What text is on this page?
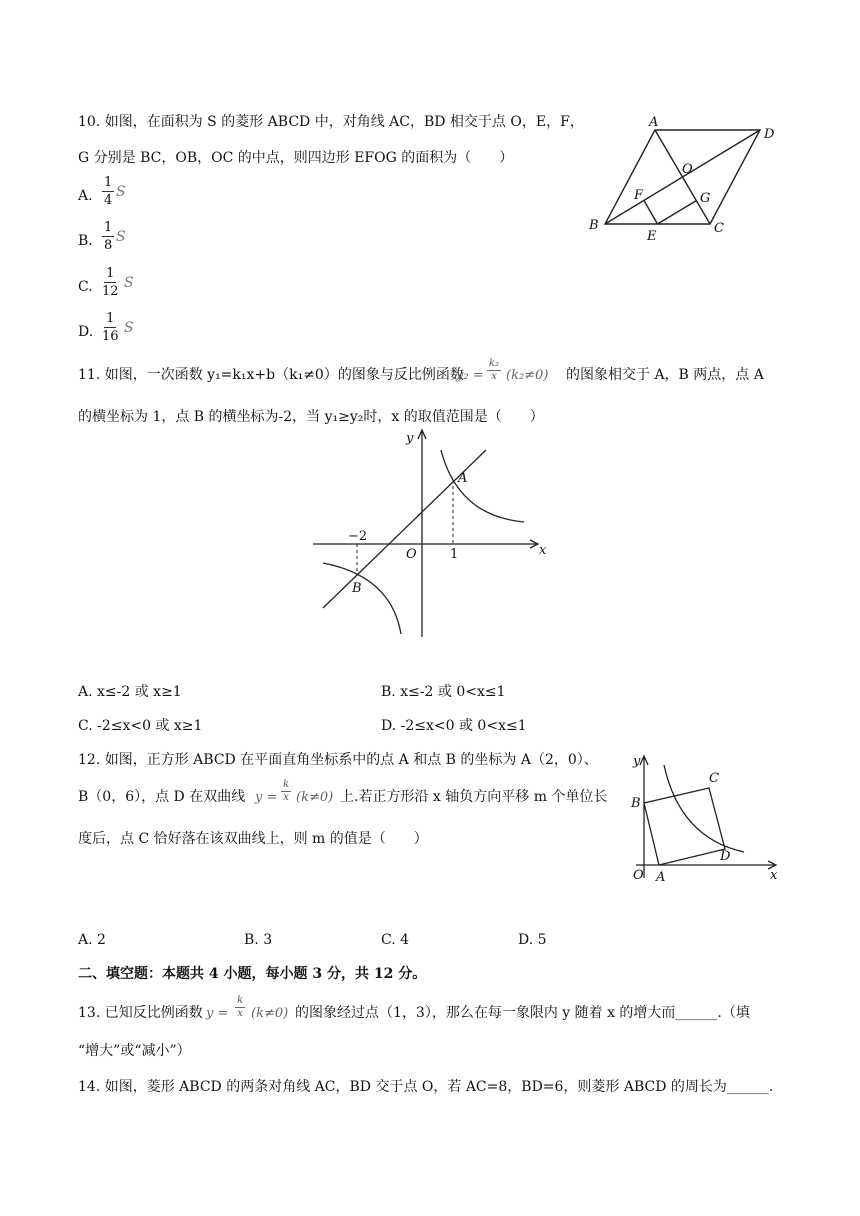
10. 如图，在面积为 S 的菱形 ABCD 中，对角线 AC，BD 相交于点 O，E，F，
G 分别是 BC，OB，OC 的中点，则四边形 EFOG 的面积为（　　）
A. $\frac{1}{4}$ S
B. $\frac{1}{8}$ S
C. $\frac{1}{12}$ S
D. $\frac{1}{16}$ S
A
D
O
F	G
B
E
C
11. 如图，一次函数 y₁=k₁x+b（k₁≠0）的图象与反比例函数
$y_2 = \frac{\text{k₂}}{x} (k_2\ne 0)$ 的图象相交于 A，B 两点，点 A
的横坐标为 1，点 B 的横坐标为-2，当 y₁≥y₂时，x 的取值范围是（　　）
y
x
O
A
B
−2
1
A. x≤-2 或 x≥1	B. x≤-2 或 0<x≤1
C. -2≤x<0 或 x≥1	D. -2≤x<0 或 0<x≤1
12. 如图，正方形 ABCD 在平面直角坐标系中的点 A 和点 B 的坐标为 A（2，0）、
B（0，6），点 D 在双曲线 $y = \frac{k}{x} (k\ne 0)$ 上.若正方形沿 x 轴负方向平移 m 个单位长
度后，点 C 恰好落在该双曲线上，则 m 的值是（　　）
y
x
O A
B
C
D
A. 2	B. 3	C. 4	D. 5
二、填空题：本题共 4 小题，每小题 3 分，共 12 分。
13. 已知反比例函数 $y = \frac{k}{x} (k\ne 0)$ 的图象经过点（1，3），那么在每一象限内 y 随着 x 的增大而______.（填
“增大”或“减小”）
14. 如图，菱形 ABCD 的两条对角线 AC，BD 交于点 O，若 AC=8，BD=6，则菱形 ABCD 的周长为______.
